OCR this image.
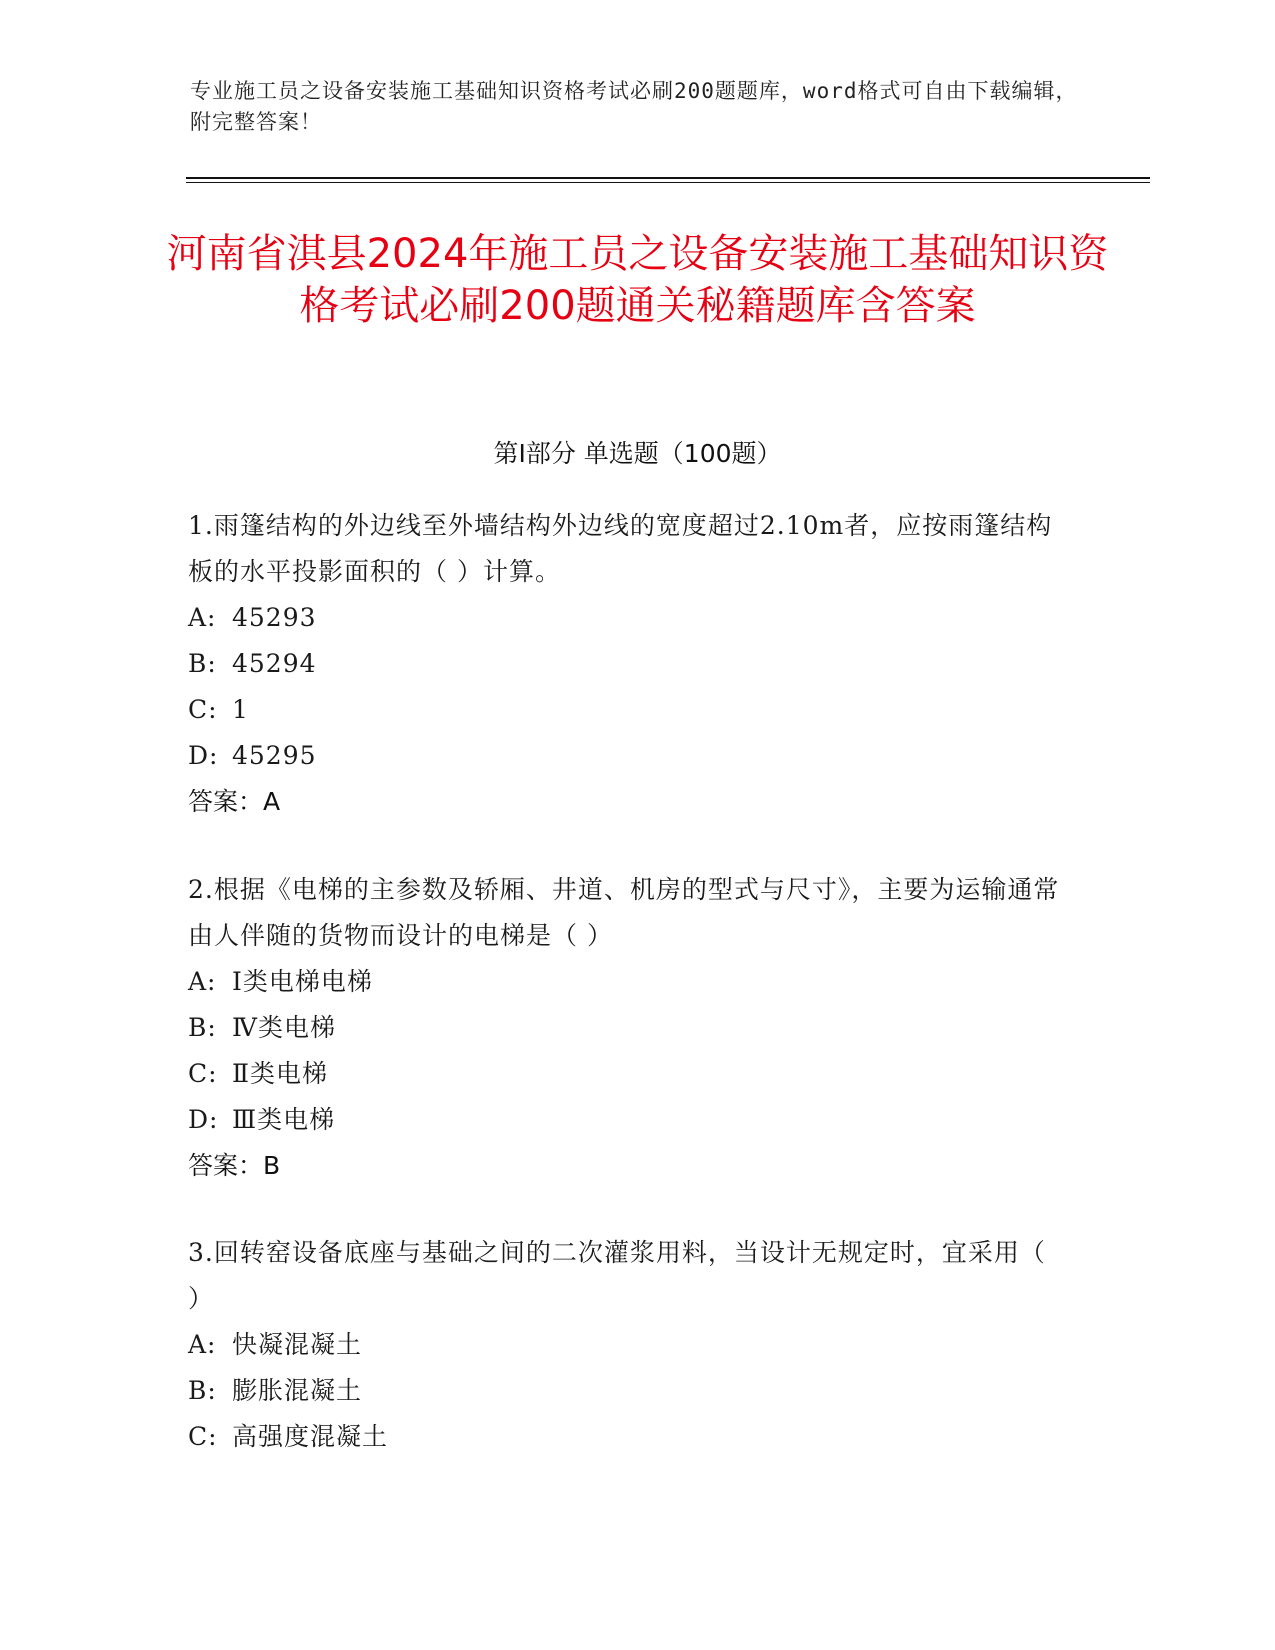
专业施工员之设备安装施工基础知识资格考试必刷200题题库，word格式可自由下载编辑，附完整答案！
河南省淇县2024年施工员之设备安装施工基础知识资格考试必刷200题通关秘籍题库含答案
第Ⅰ部分 单选题（100题）

1.雨篷结构的外边线至外墙结构外边线的宽度超过2.10m者，应按雨篷结构板的水平投影面积的（ ）计算。

A: 45293

B: 45294

C: 1

D: 45295

答案：A

2.根据《电梯的主参数及轿厢、井道、机房的型式与尺寸》，主要为运输通常由人伴随的货物而设计的电梯是（ ）

A: Ⅰ类电梯电梯

B: Ⅳ类电梯

C: Ⅱ类电梯

D: Ⅲ类电梯

答案：B

3.回转窑设备底座与基础之间的二次灌浆用料，当设计无规定时，宜采用（ ）

A: 快凝混凝土

B: 膨胀混凝土

C: 高强度混凝土
